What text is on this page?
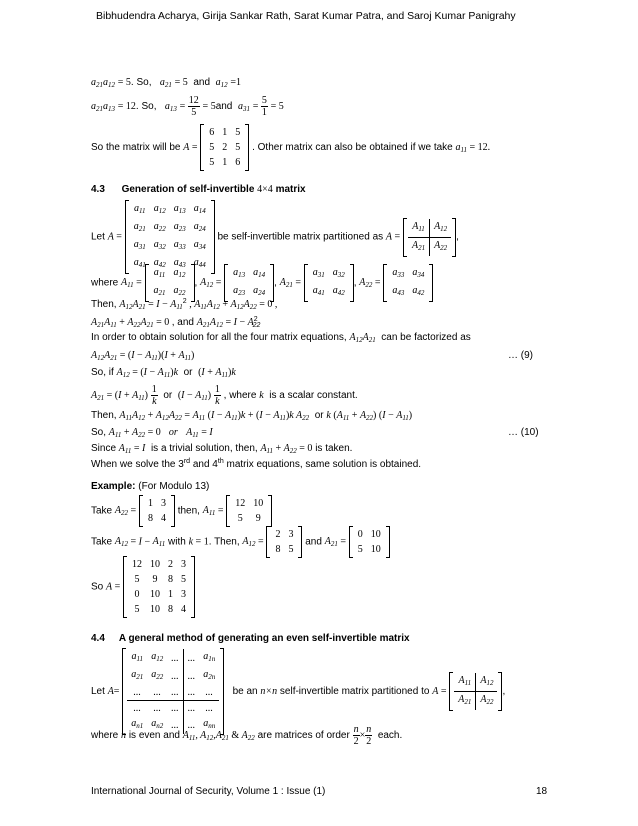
Bibhudendra Acharya, Girija Sankar Rath, Sarat Kumar Patra, and Saroj Kumar Panigrahy
$a_{21}a_{12} = 5$. So, $a_{21} = 5$ and $a_{12} =1$
$a_{21}a_{13} = 12$. So, $a_{13} = \frac{12}{5} = 5and$ $a_{31} = \frac{5}{1} = 5$
So the matrix will be A =
6	1	5
5	2	5
5	1	6
. Other matrix can also be obtained if we take $a_{11} = 12$.
4.3 Generation of self-invertible 4×4 matrix
Let A =
$a_{11}$	$a_{12}$	$a_{13}$	$a_{14}$
$a_{21}$	$a_{22}$	$a_{23}$	$a_{24}$
$a_{31}$	$a_{32}$	$a_{33}$	$a_{34}$
$a_{41}$	$a_{42}$	$a_{43}$	$a_{44}$
be self-invertible matrix partitioned as A =
$A_{11}$	$A_{12}$
$A_{21}$	$A_{22}$
,
where $A_{11}$ =
$a_{11}$	$a_{12}$
$a_{21}$	$a_{22}$
, $A_{12}$ =
$a_{13}$	$a_{14}$
$a_{23}$	$a_{24}$
, $A_{21}$ =
$a_{31}$	$a_{32}$
$a_{41}$	$a_{42}$
, $A_{22}$ =
$a_{33}$	$a_{34}$
$a_{43}$	$a_{42}$
Then, $A_{12}A_{21} = I - A_{11}^2$ , $A_{11}A_{12} + A_{12}A_{22} = 0$ ,
$A_{21}A_{11} + A_{22}A_{21} = 0$ , and $A_{21}A_{12} = I - A^2_{22}$
In order to obtain solution for all the four matrix equations, $A_{12}A_{21}$ can be factorized as
$A_{12}A_{21} = (I - A_{11})(I + A_{11})$	… (9)
So, if $A_{12} = (I - A_{11})k$ or $(I + A_{11})k$
$A_{21} = (I + A_{11}) \frac{1}{k}$ or $(I - A_{11}) \frac{1}{k}$ , where k is a scalar constant.
Then, $A_{11}A_{12} + A_{12}A_{22} = A_{11}$ $(I - A_{11})k + (I - A_{11})k$ $A_{22}$ or k $(A_{11} + A_{22}) (I - A_{11})$
So, $A_{11} + A_{22} = 0$   or $A_{11} = I$	… (10)
Since $A_{11} = I$ is a trivial solution, then, $A_{11} + A_{22} = 0$ is taken.
When we solve the 3rd and 4th matrix equations, same solution is obtained.
Example: (For Modulo 13)
Take $A_{22}$ =
1	3
8	4
then, $A_{11}$ =
12	10
5	9
Take $A_{12} = I - A_{11}$ with k = 1. Then, $A_{12}$ =
2	3
8	5
and $A_{21}$ =
0	10
5	10
So A =
12	10	2	3
5	9	8	5
0	10	1	3
5	10	8	4
4.4 A general method of generating an even self-invertible matrix
Let A=
$a_{11}$	$a_{12}$	...	...	$a_{1n}$
$a_{21}$	$a_{22}$	...	...	$a_{2n}$
...	...	...	...	...
...	...	...	...	...
$a_{n1}$	$a_{n2}$	...	...	$a_{nn}$
be an n×n self-invertible matrix partitioned to A =
$A_{11}$	$A_{12}$
$A_{21}$	$A_{22}$
,
where n is even and $A_{11}$, $A_{12},A_{21}$ & $A_{22}$ are matrices of order $\frac{n}{2} \times \frac{n}{2}$ each.
International Journal of Security, Volume 1 : Issue (1)	18
